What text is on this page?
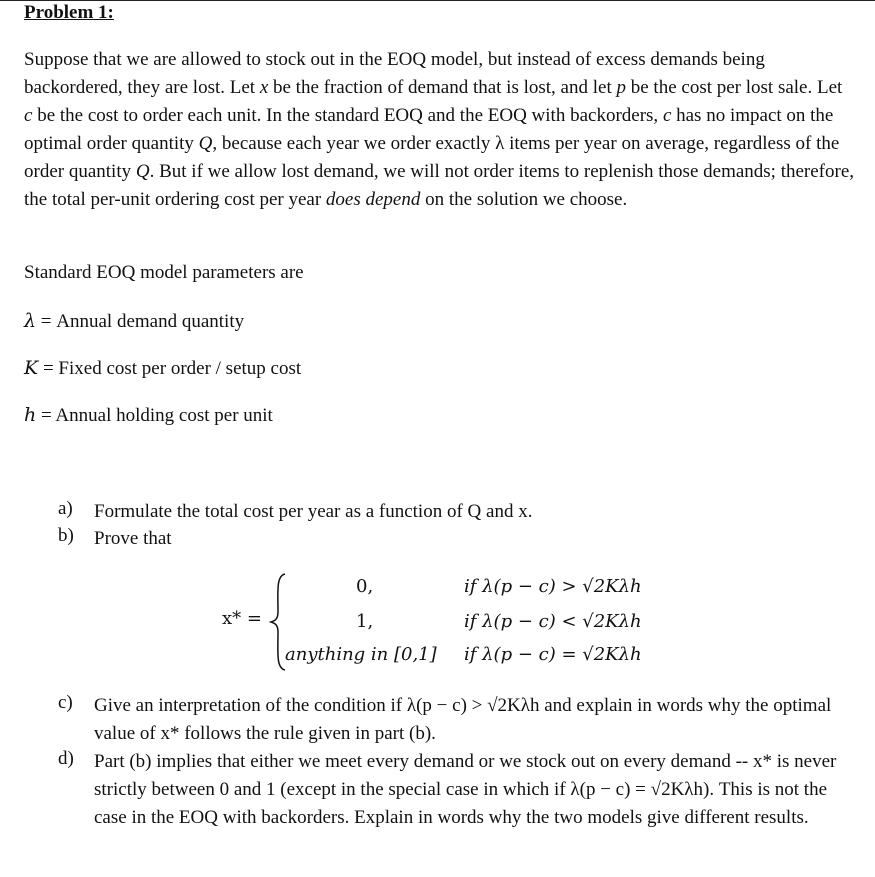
Problem 1:
Suppose that we are allowed to stock out in the EOQ model, but instead of excess demands being backordered, they are lost. Let x be the fraction of demand that is lost, and let p be the cost per lost sale. Let c be the cost to order each unit. In the standard EOQ and the EOQ with backorders, c has no impact on the optimal order quantity Q, because each year we order exactly λ items per year on average, regardless of the order quantity Q. But if we allow lost demand, we will not order items to replenish those demands; therefore, the total per-unit ordering cost per year does depend on the solution we choose.
Standard EOQ model parameters are
λ = Annual demand quantity
K = Fixed cost per order / setup cost
h = Annual holding cost per unit
a) Formulate the total cost per year as a function of Q and x.
b) Prove that
x* =
0,	if λ(p − c) > √2Kλh
1,	if λ(p − c) < √2Kλh
anything in [0,1] if λ(p − c) = √2Kλh
c) Give an interpretation of the condition if λ(p − c) > √2Kλh and explain in words why the optimal value of x* follows the rule given in part (b).
d) Part (b) implies that either we meet every demand or we stock out on every demand -- x* is never strictly between 0 and 1 (except in the special case in which if λ(p − c) = √2Kλh). This is not the case in the EOQ with backorders. Explain in words why the two models give different results.
